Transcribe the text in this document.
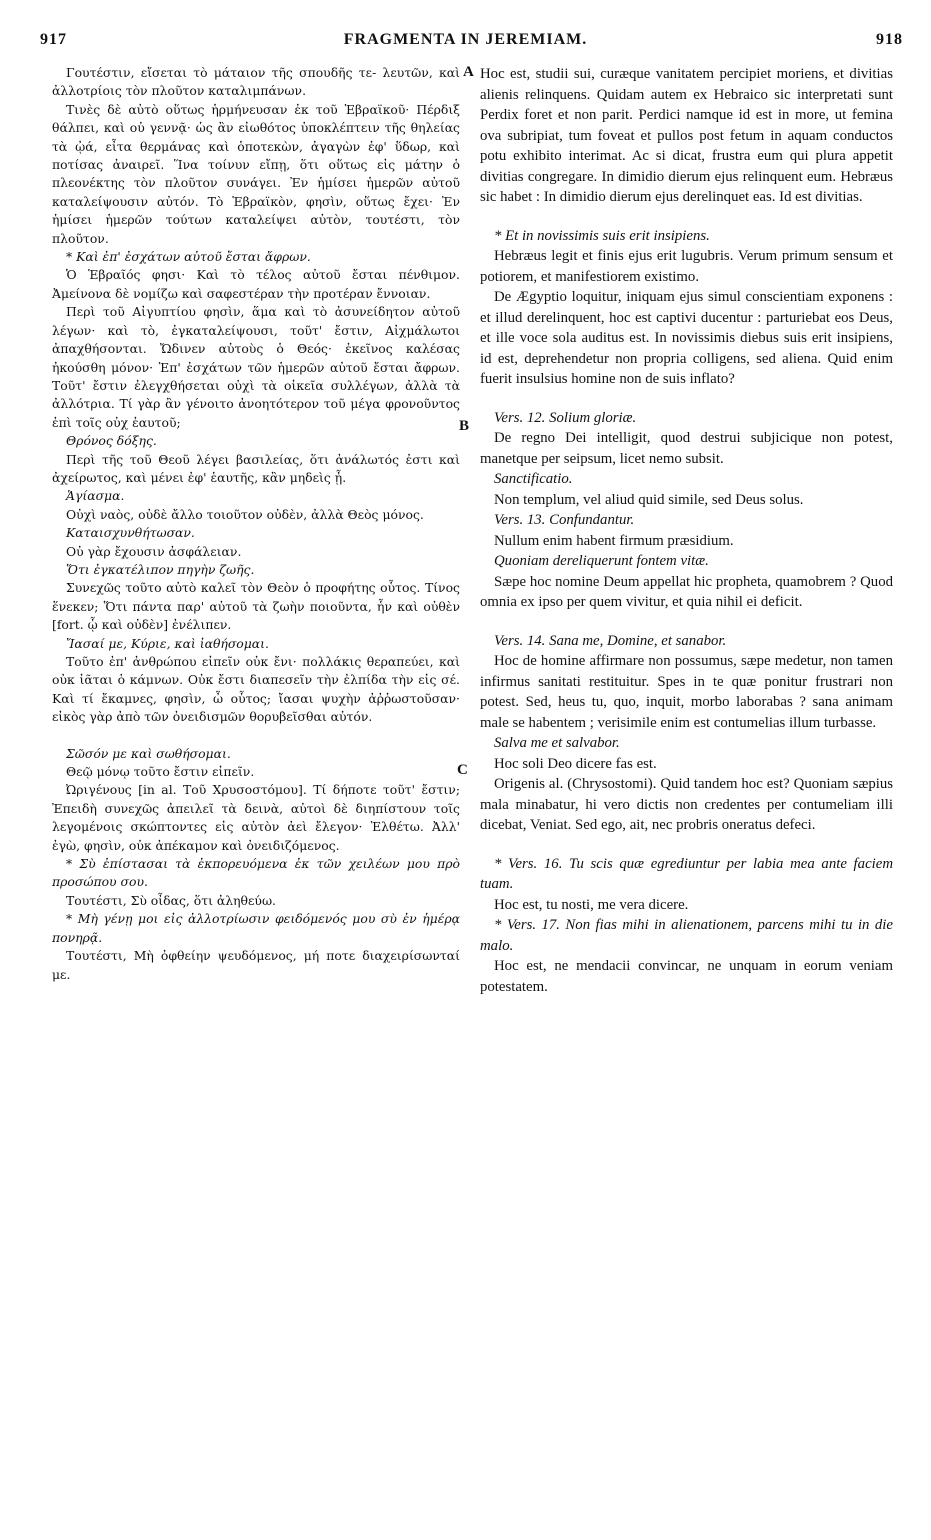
917	FRAGMENTA IN JEREMIAM.	918
A
B
C

Γουτέστιν, εἴσεται τὸ μάταιον τῆς σπουδῆς τε- λευτῶν, καὶ ἀλλοτρίοις τὸν πλοῦτον καταλιμπάνων.

Τινὲς δὲ αὐτὸ οὕτως ἡρμήνευσαν ἐκ τοῦ Ἑβραϊκοῦ· Πέρδιξ θάλπει, καὶ οὐ γεννᾷ· ὡς ἂν εἰωθότος ὑποκλέπτειν τῆς θηλείας τὰ ᾠά, εἶτα θερμάνας καὶ ὁποτεκὼν, ἀγαγὼν ἐφ' ὕδωρ, καὶ ποτίσας ἀναιρεῖ. Ἵνα τοίνυν εἴπῃ, ὅτι οὕτως εἰς μάτην ὁ πλεονέκτης τὸν πλοῦτον συνάγει. Ἐν ἡμίσει ἡμερῶν αὐτοῦ καταλείψουσιν αὐτόν. Τὸ Ἑβραϊκὸν, φησὶν, οὕτως ἔχει· Ἐν ἡμίσει ἡμερῶν τούτων καταλείψει αὐτὸν, τουτέστι, τὸν πλοῦτον.

* Καὶ ἐπ' ἐσχάτων αὐτοῦ ἔσται ἄφρων.

Ὁ Ἑβραῖός φησι· Καὶ τὸ τέλος αὐτοῦ ἔσται πένθιμον. Ἀμείνονα δὲ νομίζω καὶ σαφεστέραν τὴν προτέραν ἔννοιαν.

Περὶ τοῦ Αἰγυπτίου φησὶν, ἅμα καὶ τὸ ἀσυνείδητον αὐτοῦ λέγων· καὶ τὸ, ἐγκαταλείψουσι, τοῦτ' ἔστιν, Αἰχμάλωτοι ἀπαχθήσονται. Ὤδινεν αὐτοὺς ὁ Θεός· ἐκεῖνος καλέσας ἠκούσθη μόνον· Ἐπ' ἐσχάτων τῶν ἡμερῶν αὐτοῦ ἔσται ἄφρων. Τοῦτ' ἔστιν ἐλεγχθήσεται οὐχὶ τὰ οἰκεῖα συλλέγων, ἀλλὰ τὰ ἀλλότρια. Τί γὰρ ἂν γένοιτο ἀνοητότερον τοῦ μέγα φρονοῦντος ἐπὶ τοῖς οὐχ ἑαυτοῦ;

Θρόνος δόξης.

Περὶ τῆς τοῦ Θεοῦ λέγει βασιλείας, ὅτι ἀνάλωτός ἐστι καὶ ἀχείρωτος, καὶ μένει ἐφ' ἑαυτῆς, κἂν μηδεὶς ᾖ.

Ἁγίασμα.

Οὐχὶ ναὸς, οὐδὲ ἄλλο τοιοῦτον οὐδὲν, ἀλλὰ Θεὸς μόνος.

Καταισχυνθήτωσαν.

Οὐ γὰρ ἔχουσιν ἀσφάλειαν.

Ὅτι ἐγκατέλιπον πηγὴν ζωῆς.

Συνεχῶς τοῦτο αὐτὸ καλεῖ τὸν Θεὸν ὁ προφήτης οὗτος. Τίνος ἕνεκεν; Ὅτι πάντα παρ' αὐτοῦ τὰ ζωὴν ποιοῦντα, ἧν καὶ οὐθὲν [fort. ᾧ καὶ οὐδὲν] ἐνέλιπεν.

Ἴασαί με, Κύριε, καὶ ἰαθήσομαι.

Τοῦτο ἐπ' ἀνθρώπου εἰπεῖν οὐκ ἔνι· πολλάκις θεραπεύει, καὶ οὐκ ἰᾶται ὁ κάμνων. Οὐκ ἔστι διαπεσεῖν τὴν ἐλπίδα τὴν εἰς σέ. Καὶ τί ἔκαμνες, φησὶν, ὦ οὗτος; ἴασαι ψυχὴν ἀῤῥωστοῦσαν· εἰκὸς γὰρ ἀπὸ τῶν ὀνειδισμῶν θορυβεῖσθαι αὐτόν.

Σῶσόν με καὶ σωθήσομαι.

Θεῷ μόνῳ τοῦτο ἔστιν εἰπεῖν.

Ὠριγένους [in al. Τοῦ Χρυσοστόμου]. Τί δήποτε τοῦτ' ἔστιν; Ἐπειδὴ συνεχῶς ἀπειλεῖ τὰ δεινὰ, αὐτοὶ δὲ διηπίστουν τοῖς λεγομένοις σκώπτοντες εἰς αὐτὸν ἀεὶ ἔλεγον· Ἐλθέτω. Ἀλλ' ἐγὼ, φησὶν, οὐκ ἀπέκαμον καὶ ὀνειδιζόμενος.

* Σὺ ἐπίστασαι τὰ ἐκπορευόμενα ἐκ τῶν χειλέων μου πρὸ προσώπου σου.

Τουτέστι, Σὺ οἶδας, ὅτι ἀληθεύω.

* Μὴ γένῃ μοι εἰς ἀλλοτρίωσιν φειδόμενός μου σὺ ἐν ἡμέρᾳ πονηρᾷ.

Τουτέστι, Μὴ ὀφθείην ψευδόμενος, μή ποτε διαχειρίσωνταί με.

Hoc est, studii sui, curæque vanitatem percipiet moriens, et divitias alienis relinquens. Quidam autem ex Hebraico sic interpretati sunt Perdix foret et non parit. Perdici namque id est in more, ut femina ova subripiat, tum foveat et pullos post fetum in aquam conductos potu exhibito interimat. Ac si dicat, frustra eum qui plura appetit divitias congregare. In dimidio dierum ejus relinquent eum. Hebræus sic habet : In dimidio dierum ejus derelinquet eas. Id est divitias.

* Et in novissimis suis erit insipiens.

Hebræus legit et finis ejus erit lugubris. Verum primum sensum et potiorem, et manifestiorem existimo.

De Ægyptio loquitur, iniquam ejus simul conscientiam exponens : et illud derelinquent, hoc est captivi ducentur : parturiebat eos Deus, et ille voce sola auditus est. In novissimis diebus suis erit insipiens, id est, deprehendetur non propria colligens, sed aliena. Quid enim fuerit insulsius homine non de suis inflato?

Vers. 12. Solium gloriæ.

De regno Dei intelligit, quod destrui subjicique non potest, manetque per seipsum, licet nemo subsit.

Sanctificatio.

Non templum, vel aliud quid simile, sed Deus solus.

Vers. 13. Confundantur.

Nullum enim habent firmum præsidium.

Quoniam dereliquerunt fontem vitæ.

Sæpe hoc nomine Deum appellat hic propheta, quamobrem ? Quod omnia ex ipso per quem vivitur, et quia nihil ei deficit.

Vers. 14. Sana me, Domine, et sanabor.

Hoc de homine affirmare non possumus, sæpe medetur, non tamen infirmus sanitati restituitur. Spes in te quæ ponitur frustrari non potest. Sed, heus tu, quo, inquit, morbo laborabas ? sana animam male se habentem ; verisimile enim est contumelias illum turbasse.

Salva me et salvabor.

Hoc soli Deo dicere fas est.

Origenis al. (Chrysostomi). Quid tandem hoc est? Quoniam sæpius mala minabatur, hi vero dictis non credentes per contumeliam illi dicebat, Veniat. Sed ego, ait, nec probris oneratus defeci.

* Vers. 16. Tu scis quæ egrediuntur per labia mea ante faciem tuam.

Hoc est, tu nosti, me vera dicere.

* Vers. 17. Non fias mihi in alienationem, parcens mihi tu in die malo.

Hoc est, ne mendacii convincar, ne unquam in eorum veniam potestatem.
